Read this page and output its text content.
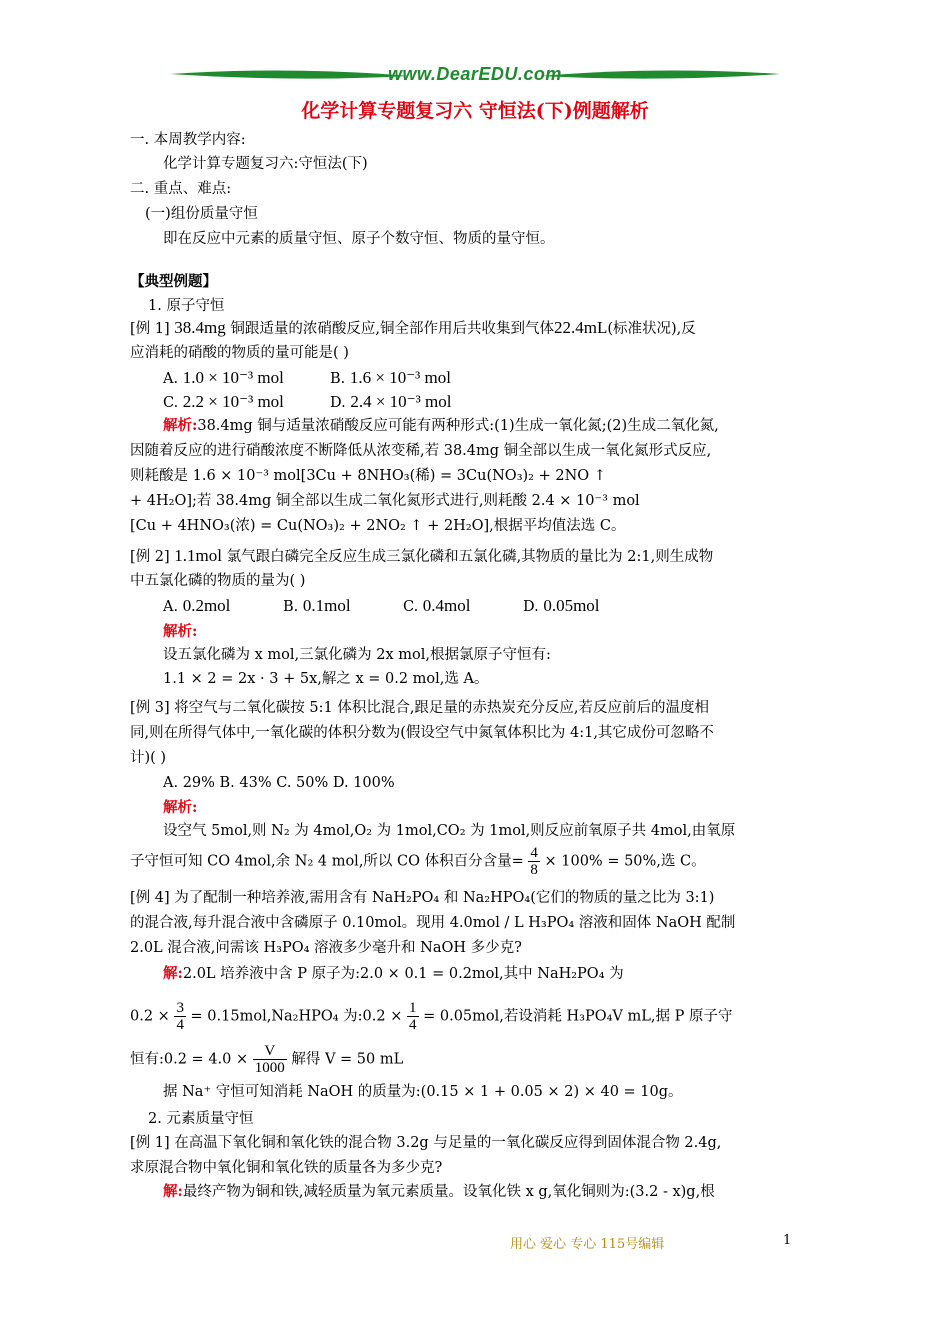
www.DearEDU.com
化学计算专题复习六 守恒法(下)例题解析
一. 本周教学内容:
化学计算专题复习六:守恒法(下)
二. 重点、难点:
(一)组份质量守恒
即在反应中元素的质量守恒、原子个数守恒、物质的量守恒。
【典型例题】
1. 原子守恒
[例 1] 38.4mg 铜跟适量的浓硝酸反应,铜全部作用后共收集到气体22.4mL(标准状况),反
应消耗的硝酸的物质的量可能是( )
A. 1.0 × 10⁻³ mol	B. 1.6 × 10⁻³ mol
C. 2.2 × 10⁻³ mol	D. 2.4 × 10⁻³ mol
解析:38.4mg 铜与适量浓硝酸反应可能有两种形式:(1)生成一氧化氮;(2)生成二氧化氮,
因随着反应的进行硝酸浓度不断降低从浓变稀,若 38.4mg 铜全部以生成一氧化氮形式反应,
则耗酸是 1.6 × 10⁻³ mol[3Cu + 8NHO₃(稀) = 3Cu(NO₃)₂ + 2NO ↑
+ 4H₂O];若 38.4mg 铜全部以生成二氧化氮形式进行,则耗酸 2.4 × 10⁻³ mol
[Cu + 4HNO₃(浓) = Cu(NO₃)₂ + 2NO₂ ↑ + 2H₂O],根据平均值法选 C。
[例 2] 1.1mol 氯气跟白磷完全反应生成三氯化磷和五氯化磷,其物质的量比为 2:1,则生成物
中五氯化磷的物质的量为( )
A. 0.2mol	B. 0.1mol	C. 0.4mol	D. 0.05mol
解析:
设五氯化磷为 x mol,三氯化磷为 2x mol,根据氯原子守恒有:
1.1 × 2 = 2x · 3 + 5x,解之 x = 0.2 mol,选 A。
[例 3] 将空气与二氧化碳按 5:1 体积比混合,跟足量的赤热炭充分反应,若反应前后的温度相
同,则在所得气体中,一氧化碳的体积分数为(假设空气中氮氧体积比为 4:1,其它成份可忽略不
计)( )
A. 29% B. 43% C. 50% D. 100%
解析:
设空气 5mol,则 N₂ 为 4mol,O₂ 为 1mol,CO₂ 为 1mol,则反应前氧原子共 4mol,由氧原
子守恒可知 CO 4mol,余 N₂ 4 mol,所以 CO 体积百分含量= $\frac{4}{8} \times 100\% = 50\%$,选 C。
[例 4] 为了配制一种培养液,需用含有 NaH₂PO₄ 和 Na₂HPO₄(它们的物质的量之比为 3:1)
的混合液,每升混合液中含磷原子 0.10mol。现用 4.0mol / L H₃PO₄ 溶液和固体 NaOH 配制
2.0L 混合液,问需该 H₃PO₄ 溶液多少毫升和 NaOH 多少克?
解:2.0L 培养液中含 P 原子为:2.0 × 0.1 = 0.2mol,其中 NaH₂PO₄ 为
$0.2 \times \frac{3}{4} = 0.15mol,Na_2HPO_4$ 为:0.2 × $\frac{1}{4} = 0.05mol$,若设消耗 H₃PO₄V mL,据 P 原子守
恒有:0.2 = $4.0 \times \frac{V}{1000}$ 解得 V = 50 mL
据 Na⁺ 守恒可知消耗 NaOH 的质量为:(0.15 × 1 + 0.05 × 2) × 40 = 10g。
2. 元素质量守恒
[例 1] 在高温下氧化铜和氧化铁的混合物 3.2g 与足量的一氧化碳反应得到固体混合物 2.4g,
求原混合物中氧化铜和氧化铁的质量各为多少克?
解:最终产物为铜和铁,减轻质量为氧元素质量。设氧化铁 x g,氧化铜则为:(3.2 - x)g,根
用心 爱心 专心 115号编辑	1
